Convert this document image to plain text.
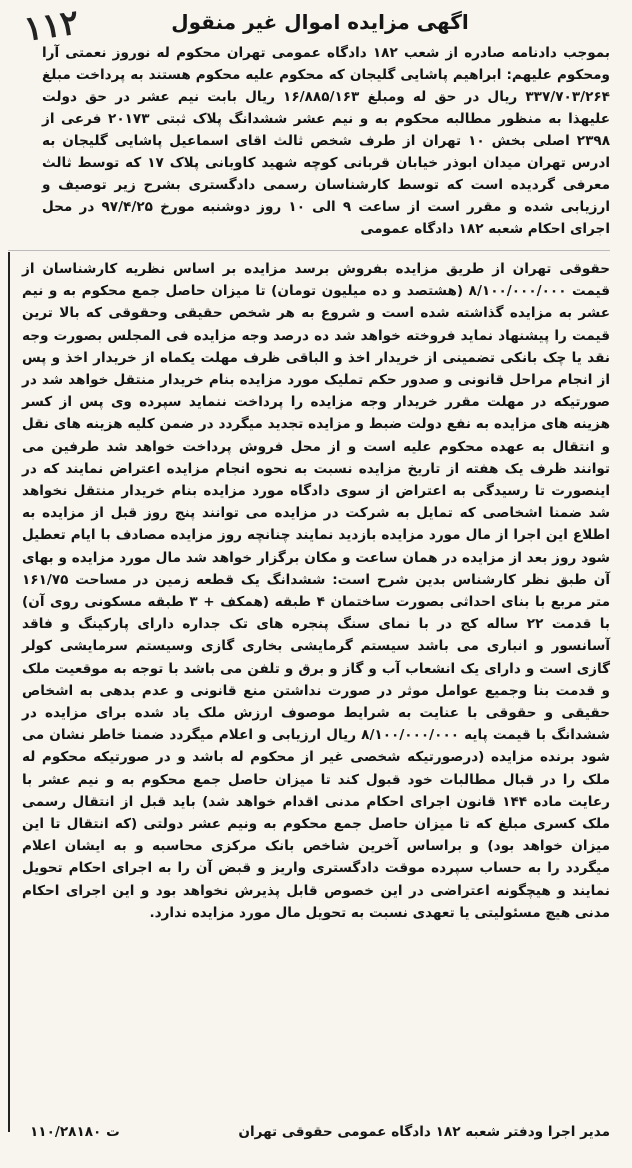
۱۱۲	اگهی مزایده اموال غیر منقول
بموجب دادنامه صادره از شعب ۱۸۲ دادگاه عمومی تهران محکوم له نوروز نعمتی آرا ومحکوم علیهم: ابراهیم پاشایی گلیجان که محکوم علیه محکوم هستند به پرداخت مبلغ ۳۳۷/۷۰۳/۲۶۴ ریال در حق له ومبلغ ۱۶/۸۸۵/۱۶۳ ریال بابت نیم عشر در حق دولت علیهذا به منظور مطالبه محکوم به و نیم عشر ششدانگ پلاک ثبتی ۲۰۱۷۳ فرعی از ۲۳۹۸ اصلی بخش ۱۰ تهران از طرف شخص ثالث اقای اسماعیل پاشایی گلیجان به ادرس تهران میدان ابوذر خیابان قربانی کوچه شهید کاوبانی پلاک ۱۷ که توسط ثالث معرفی گردیده است که توسط کارشناسان رسمی دادگستری بشرح زیر توصیف و ارزیابی شده و مقرر است از ساعت ۹ الی ۱۰ روز دوشنبه مورخ ۹۷/۴/۲۵ در محل اجرای احکام شعبه ۱۸۲ دادگاه عمومی
حقوقی تهران از طریق مزایده بفروش برسد مزایده بر اساس نظریه کارشناسان از قیمت ۸/۱۰۰/۰۰۰/۰۰۰ (هشتصد و ده میلیون تومان) تا میزان حاصل جمع محکوم به و نیم عشر به مزایده گذاشته شده است و شروع به هر شخص حقیقی وحقوقی که بالا ترین قیمت را پیشنهاد نماید فروخته خواهد شد ده درصد وجه مزایده فی المجلس بصورت وجه نقد یا چک بانکی تضمینی از خریدار اخذ و الباقی ظرف مهلت یکماه از خریدار اخذ و پس از انجام مراحل قانونی و صدور حکم تملیک مورد مزایده بنام خریدار منتقل خواهد شد در صورتیکه در مهلت مقرر خریدار وجه مزایده را پرداخت ننماید سپرده وی پس از کسر هزینه های مزایده به نفع دولت ضبط و مزایده تجدید میگردد در ضمن کلیه هزینه های نقل و انتقال به عهده محکوم علیه است و از محل فروش پرداخت خواهد شد طرفین می توانند ظرف یک هفته از تاریخ مزایده نسبت به نحوه انجام مزایده اعتراض نمایند که در اینصورت تا رسیدگی به اعتراض از سوی دادگاه مورد مزایده بنام خریدار منتقل نخواهد شد ضمنا اشخاصی که تمایل به شرکت در مزایده می توانند پنج روز قبل از مزایده به اطلاع این اجرا از مال مورد مزایده بازدید نمایند چنانچه روز مزایده مصادف با ایام تعطیل شود روز بعد از مزایده در همان ساعت و مکان برگزار خواهد شد مال مورد مزایده و بهای آن طبق نظر کارشناس بدین شرح است: ششدانگ یک قطعه زمین در مساحت ۱۶۱/۷۵ متر مربع با بنای احداثی بصورت ساختمان ۴ طبقه (همکف + ۳ طبقه مسکونی روی آن) با قدمت ۲۲ ساله کج در با نمای سنگ پنجره های تک جداره دارای پارکینگ و فاقد آسانسور و انباری می باشد سیستم گرمایشی بخاری گازی وسیستم سرمایشی کولر گازی است و دارای یک انشعاب آب و گاز و برق و تلفن می باشد با توجه به موقعیت ملک و قدمت بنا وجمیع عوامل موثر در صورت نداشتن منع قانونی و عدم بدهی به اشخاص حقیقی و حقوقی با عنایت به شرایط موصوف ارزش ملک یاد شده برای مزایده در ششدانگ با قیمت پایه ۸/۱۰۰/۰۰۰/۰۰۰ ریال ارزیابی و اعلام میگردد ضمنا خاطر نشان می شود برنده مزایده (درصورتیکه شخصی غیر از محکوم له باشد و در صورتیکه محکوم له ملک را در قبال مطالبات خود قبول کند تا میزان حاصل جمع محکوم به و نیم عشر با رعایت ماده ۱۴۴ قانون اجرای احکام مدنی اقدام خواهد شد) باید قبل از انتقال رسمی ملک کسری مبلغ که تا میزان حاصل جمع محکوم به ونیم عشر دولتی (که انتقال تا این میزان خواهد بود) و براساس آخرین شاخص بانک مرکزی محاسبه و به ایشان اعلام میگردد را به حساب سپرده موقت دادگستری واریز و قبض آن را به اجرای احکام تحویل نمایند و هیچگونه اعتراضی در این خصوص قابل پذیرش نخواهد بود و این اجرای احکام مدنی هیچ مسئولیتی یا تعهدی نسبت به تحویل مال مورد مزایده ندارد.
مدیر اجرا ودفتر شعبه ۱۸۲ دادگاه عمومی حقوقی تهران
۱۱۰/۲۸۱۸۰ ت
